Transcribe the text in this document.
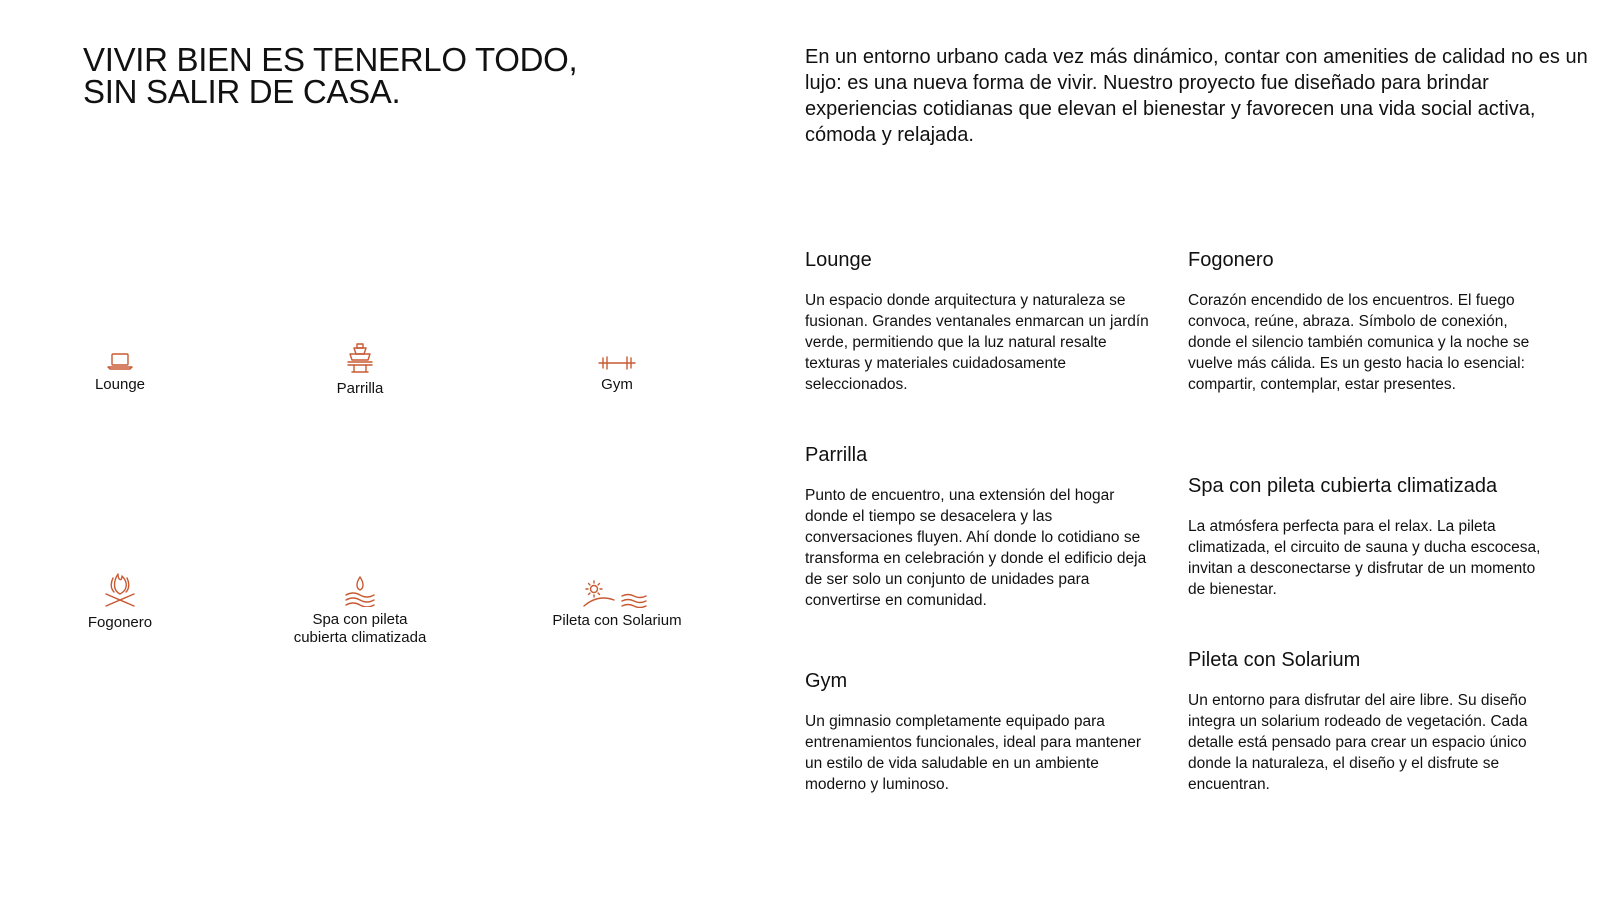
VIVIR BIEN ES TENERLO TODO,
SIN SALIR DE CASA.

En un entorno urbano cada vez más dinámico, contar con amenities de calidad no es un lujo: es una nueva forma de vivir. Nuestro proyecto fue diseñado para brindar experiencias cotidianas que elevan el bienestar y favorecen una vida social activa, cómoda y relajada.

Lounge	Parrilla	Gym
Fogonero	Spa con pileta
cubierta climatizada
Pileta con Solarium
Lounge

Un espacio donde arquitectura y naturaleza se fusionan. Grandes ventanales enmarcan un jardín verde, permitiendo que la luz natural resalte texturas y materiales cuidadosamente seleccionados.

Parrilla

Punto de encuentro, una extensión del hogar donde el tiempo se desacelera y las conversaciones fluyen. Ahí donde lo cotidiano se transforma en celebración y donde el edificio deja de ser solo un conjunto de unidades para convertirse en comunidad.

Gym

Un gimnasio completamente equipado para entrenamientos funcionales, ideal para mantener un estilo de vida saludable en un ambiente moderno y luminoso.

Fogonero

Corazón encendido de los encuentros. El fuego convoca, reúne, abraza. Símbolo de conexión, donde el silencio también comunica y la noche se vuelve más cálida. Es un gesto hacia lo esencial: compartir, contemplar, estar presentes.

Spa con pileta cubierta climatizada

La atmósfera perfecta para el relax. La pileta climatizada, el circuito de sauna y ducha escocesa, invitan a desconectarse y disfrutar de un momento de bienestar.

Pileta con Solarium

Un entorno para disfrutar del aire libre. Su diseño integra un solarium rodeado de vegetación. Cada detalle está pensado para crear un espacio único donde la naturaleza, el diseño y el disfrute se encuentran.
